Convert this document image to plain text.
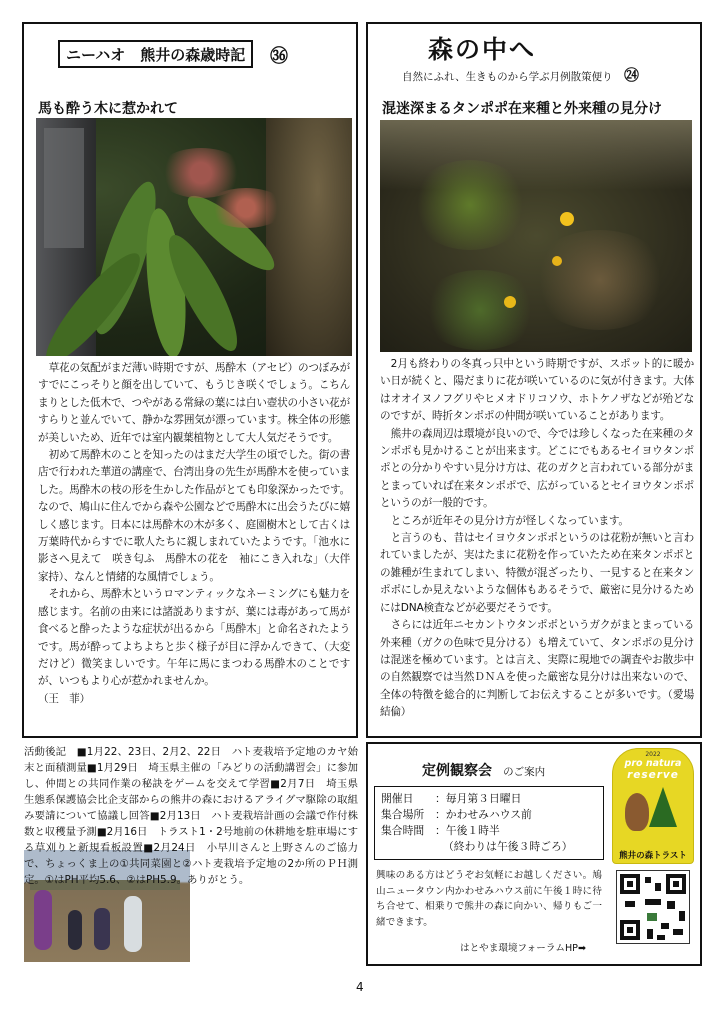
ニーハオ　熊井の森歳時記 ㊱
馬も酔う木に惹かれて

草花の気配がまだ薄い時期ですが、馬酔木（アセビ）のつぼみがすでにこっそりと顔を出していて、もうじき咲くでしょう。こちんまりとした低木で、つやがある常緑の葉には白い壺状の小さい花がすらりと並んでいて、静かな雰囲気が漂っています。株全体の形態が美しいため、近年では室内観葉植物として大人気だそうです。

初めて馬酔木のことを知ったのはまだ大学生の頃でした。街の書店で行われた華道の講座で、台湾出身の先生が馬酔木を使っていました。馬酔木の枝の形を生かした作品がとても印象深かったです。なので、鳩山に住んでから森や公園などで馬酔木に出会うたびに嬉しく感じます。日本には馬酔木の木が多く、庭園樹木として古くは万葉時代からすでに歌人たちに親しまれていたようです。「池水に　影さへ見えて　咲き匂ふ　馬酔木の花を　袖にこき入れな」（大伴家持）、なんと情緒的な風情でしょう。

それから、馬酔木というロマンティックなネーミングにも魅力を感じます。名前の由来には諸説ありますが、葉には毒があって馬が食べると酔ったような症状が出るから「馬酔木」と命名されたようです。馬が酔ってよちよちと歩く様子が目に浮かんできて、（大変だけど）微笑ましいです。午年に馬にまつわる馬酔木のことですが、いつもより心が惹かれませんか。

（王　菲）
森の中へ
自然にふれ、生きものから学ぶ月例散策便り ㉔
混迷深まるタンポポ在来種と外来種の見分け

2月も終わりの冬真っ只中という時期ですが、スポット的に暖かい日が続くと、陽だまりに花が咲いているのに気が付きます。大体はオオイヌノフグリやヒメオドリコソウ、ホトケノザなどが殆どなのですが、時折タンポポの仲間が咲いていることがあります。

熊井の森周辺は環境が良いので、今では珍しくなった在来種のタンポポも見かけることが出来ます。どこにでもあるセイヨウタンポポとの分かりやすい見分け方は、花のガクと言われている部分がまとまっていれば在来タンポポで、広がっているとセイヨウタンポポというのが一般的です。

ところが近年その見分け方が怪しくなっています。

と言うのも、昔はセイヨウタンポポというのは花粉が無いと言われていましたが、実はたまに花粉を作っていたため在来タンポポとの雑種が生まれてしまい、特徴が混ざったり、一見すると在来タンポポにしか見えないような個体もあるそうで、厳密に見分けるためにはDNA検査などが必要だそうです。

さらには近年ニセカントウタンポポというガクがまとまっている外来種（ガクの色味で見分ける）も増えていて、タンポポの見分けは混迷を極めています。とは言え、実際に現地での調査やお散歩中の自然観察では当然ＤＮＡを使った厳密な見分けは出来ないので、全体の特徴を総合的に判断してお伝えすることが多いです。（愛場　結倫）

活動後記　■1月22、23日、2月2、22日　ハト麦栽培予定地のカヤ始末と面積測量■1月29日　埼玉県主催の「みどりの活動講習会」に参加し、仲間との共同作業の秘訣をゲームを交えて学習■2月7日　埼玉県生態系保護協会比企支部からの熊井の森におけるアライグマ駆除の取組み要請について協議し回答■2月13日　ハト麦栽培計画の会議で作付株数と収穫量予測■2月16日　トラスト1・2号地前の休耕地を駐車場にする草刈りと新規看板設置■2月24日　小早川さんと上野さんのご協力で、ちょっくま上の①共同菜園と②ハト麦栽培予定地の2か所のＰＨ測定。①はPH平均5.6、②はPH5.9。ありがとう。
定例観察会 のご案内
開催日 ：毎月第３日曜日
集合場所 ：かわせみハウス前
集合時間 ：午後１時半
（終わりは午後３時ごろ）
興味のある方はどうぞお気軽にお越しください。鳩山ニュータウン内かわせみハウス前に午後１時に待ち合せて、相乗りで熊井の森に向かい、帰りもご一緒できます。
はとやま環境フォーラムHP➡
2022
pro natura
reserve
熊井の森トラスト
4
